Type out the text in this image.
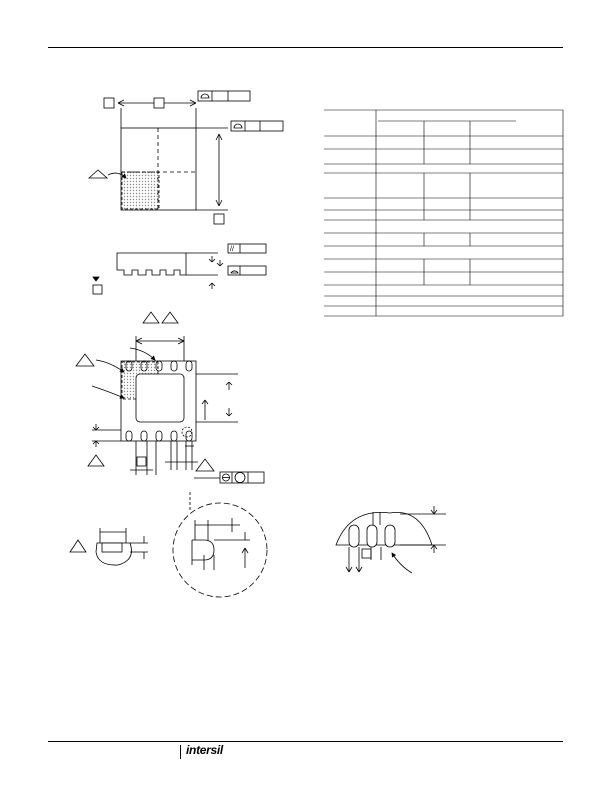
//
intersil
